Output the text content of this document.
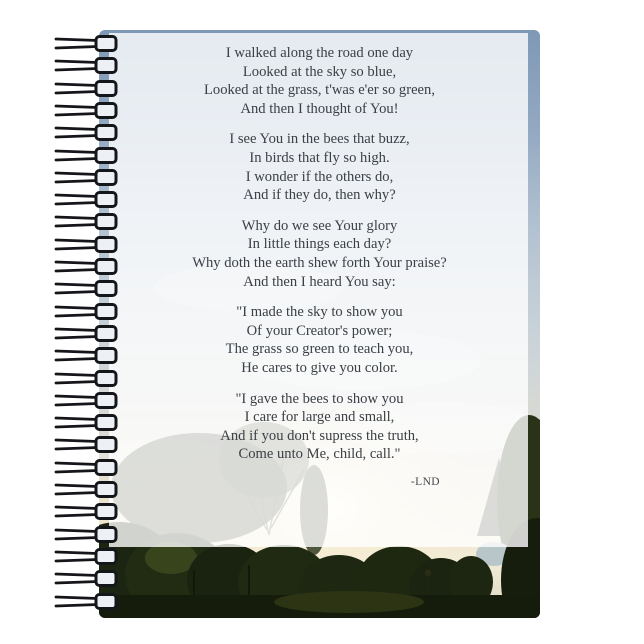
I walked along the road one day
Looked at the sky so blue,
Looked at the grass, t'was e'er so green,
And then I thought of You!

I see You in the bees that buzz,
In birds that fly so high.
I wonder if the others do,
And if they do, then why?

Why do we see Your glory
In little things each day?
Why doth the earth shew forth Your praise?
And then I heard You say:

"I made the sky to show you
Of your Creator's power;
The grass so green to teach you,
He cares to give you color.

"I gave the bees to show you
I care for large and small,
And if you don't supress the truth,
Come unto Me, child, call."

-LND
